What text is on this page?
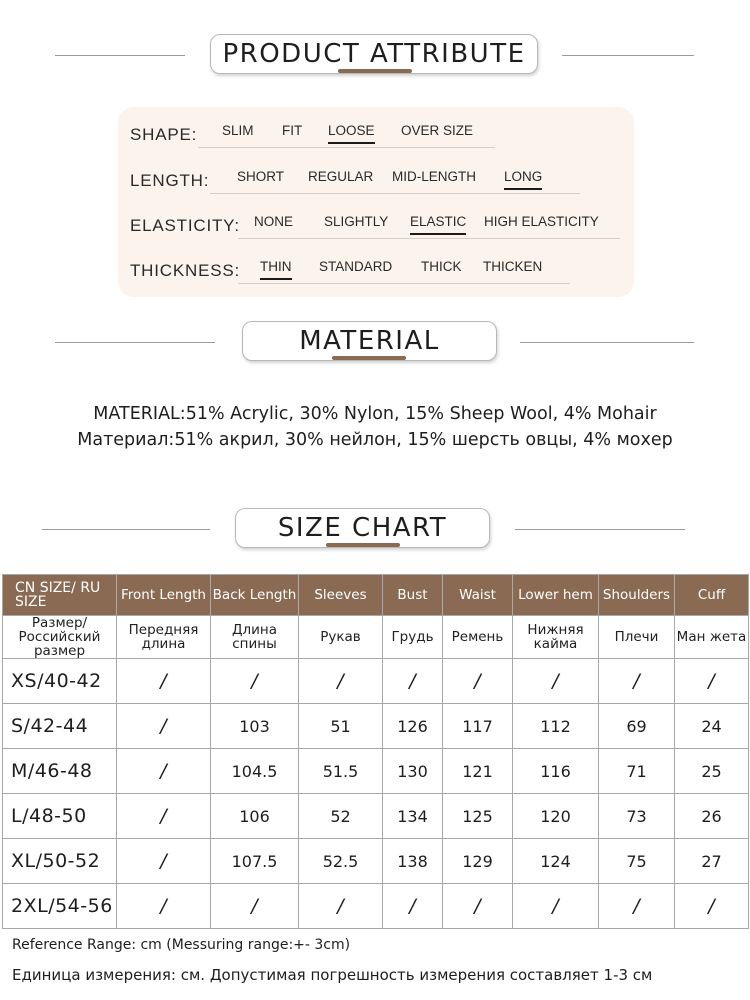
PRODUCT ATTRIBUTE
SHAPE: SLIM FIT LOOSE OVER SIZE
LENGTH: SHORT REGULAR MID-LENGTH LONG
ELASTICITY: NONE SLIGHTLY ELASTIC HIGH ELASTICITY
THICKNESS: THIN STANDARD THICK THICKEN
MATERIAL
MATERIAL:51% Acrylic, 30% Nylon, 15% Sheep Wool, 4% Mohair
Материал:51% акрил, 30% нейлон, 15% шерсть овцы, 4% мохер
SIZE CHART
CN SIZE/ RU SIZE	Front Length	Back Length	Sleeves	Bust	Waist	Lower hem	Shoulders	Cuff
Размер/ Российский размер	Передняя длина	Длина спины	Рукав	Грудь	Ремень	Нижняя кайма	Плечи	Ман жета
XS/40-42	/	/	/	/	/	/	/	/
S/42-44	/	103	51	126	117	112	69	24
M/46-48	/	104.5	51.5	130	121	116	71	25
L/48-50	/	106	52	134	125	120	73	26
XL/50-52	/	107.5	52.5	138	129	124	75	27
2XL/54-56	/	/	/	/	/	/	/	/
Reference Range: cm (Messuring range:+- 3cm)
Единица измерения: см. Допустимая погрешность измерения составляет 1-3 см
